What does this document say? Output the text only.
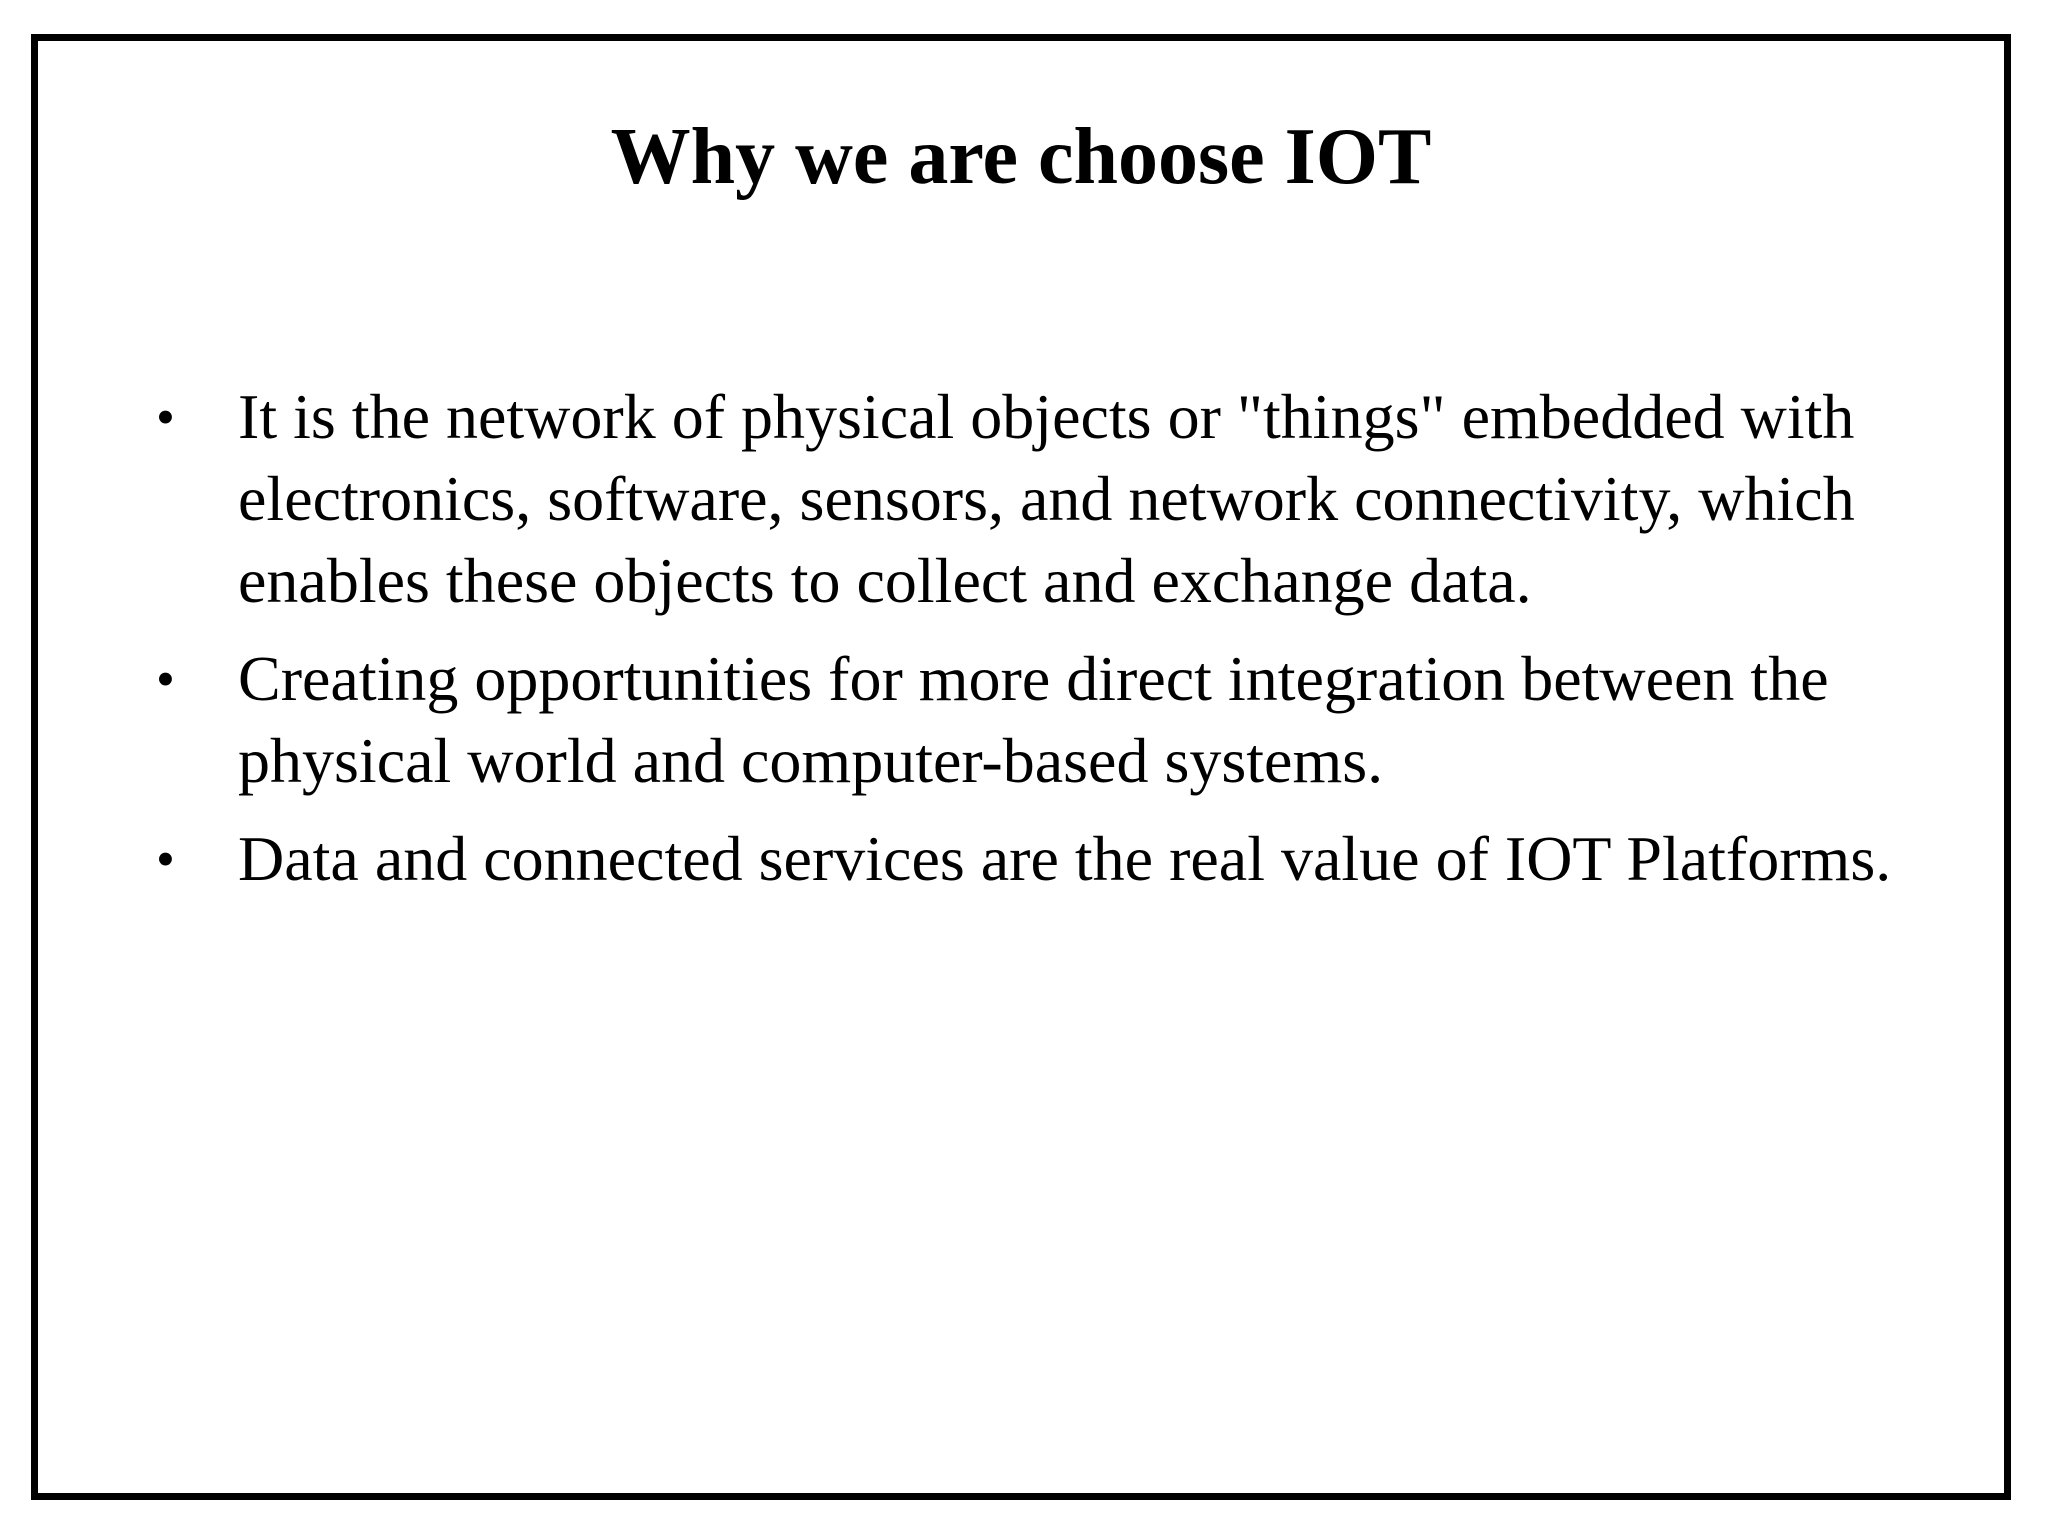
Why we are choose IOT
• It is the network of physical objects or "things" embedded with electronics, software, sensors, and network connectivity, which enables these objects to collect and exchange data.
• Creating opportunities for more direct integration between the physical world and computer-based systems.
• Data and connected services are the real value of IOT Platforms.
